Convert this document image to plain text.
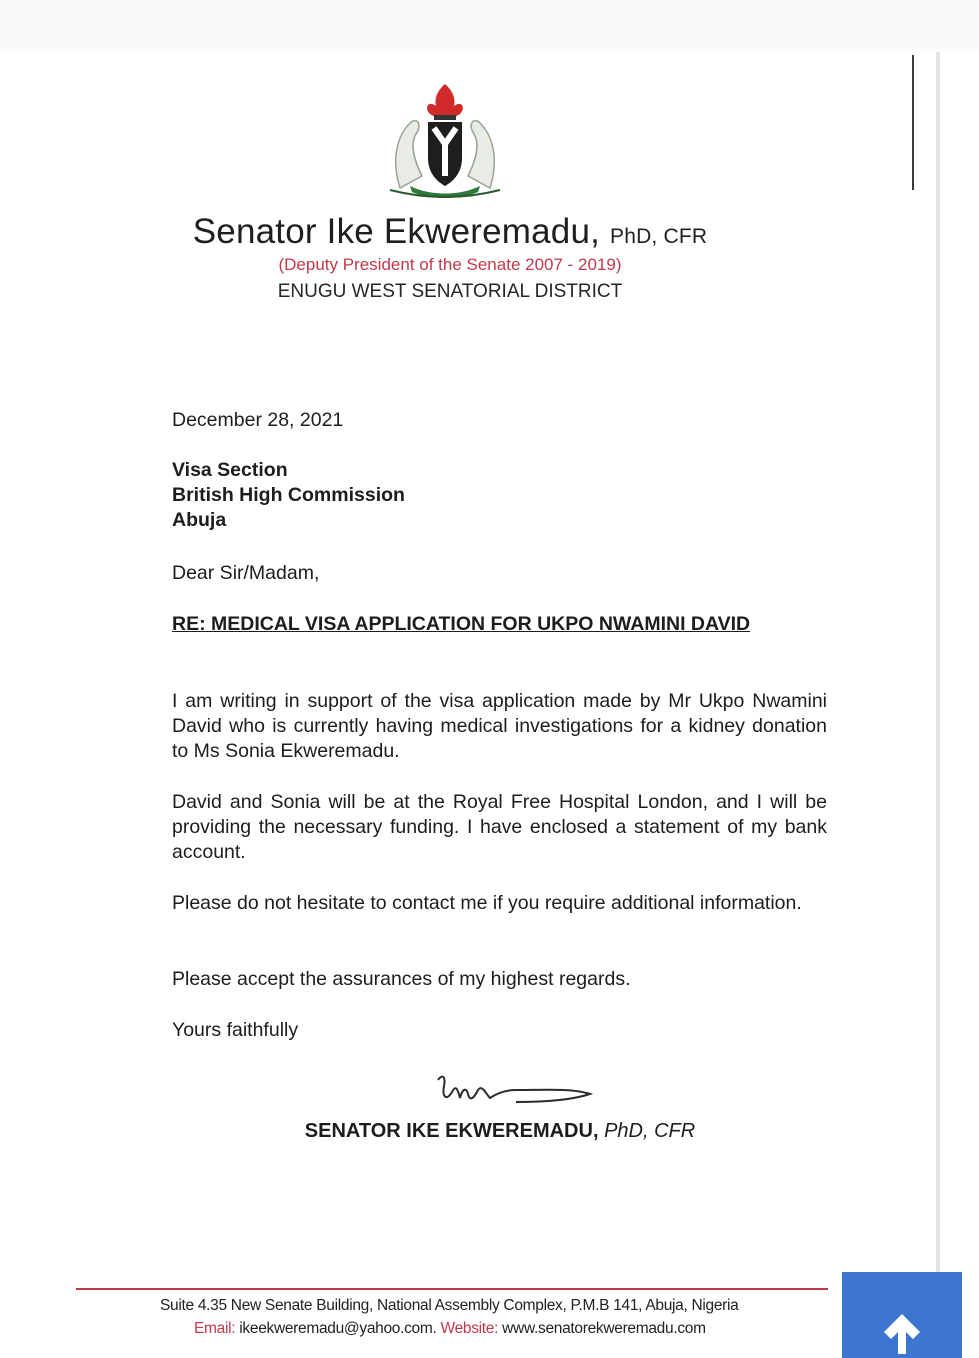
Senator Ike Ekweremadu, PhD, CFR
(Deputy President of the Senate 2007 - 2019)
ENUGU WEST SENATORIAL DISTRICT
December 28, 2021
Visa Section
British High Commission
Abuja
Dear Sir/Madam,
RE: MEDICAL VISA APPLICATION FOR UKPO NWAMINI DAVID
I am writing in support of the visa application made by Mr Ukpo Nwamini David who is currently having medical investigations for a kidney donation to Ms Sonia Ekweremadu.
David and Sonia will be at the Royal Free Hospital London, and I will be providing the necessary funding. I have enclosed a statement of my bank account.
Please do not hesitate to contact me if you require additional information.
Please accept the assurances of my highest regards.
Yours faithfully
SENATOR IKE EKWEREMADU, PhD, CFR
Suite 4.35 New Senate Building, National Assembly Complex, P.M.B 141, Abuja, Nigeria
Email: ikeekweremadu@yahoo.com. Website: www.senatorekweremadu.com
